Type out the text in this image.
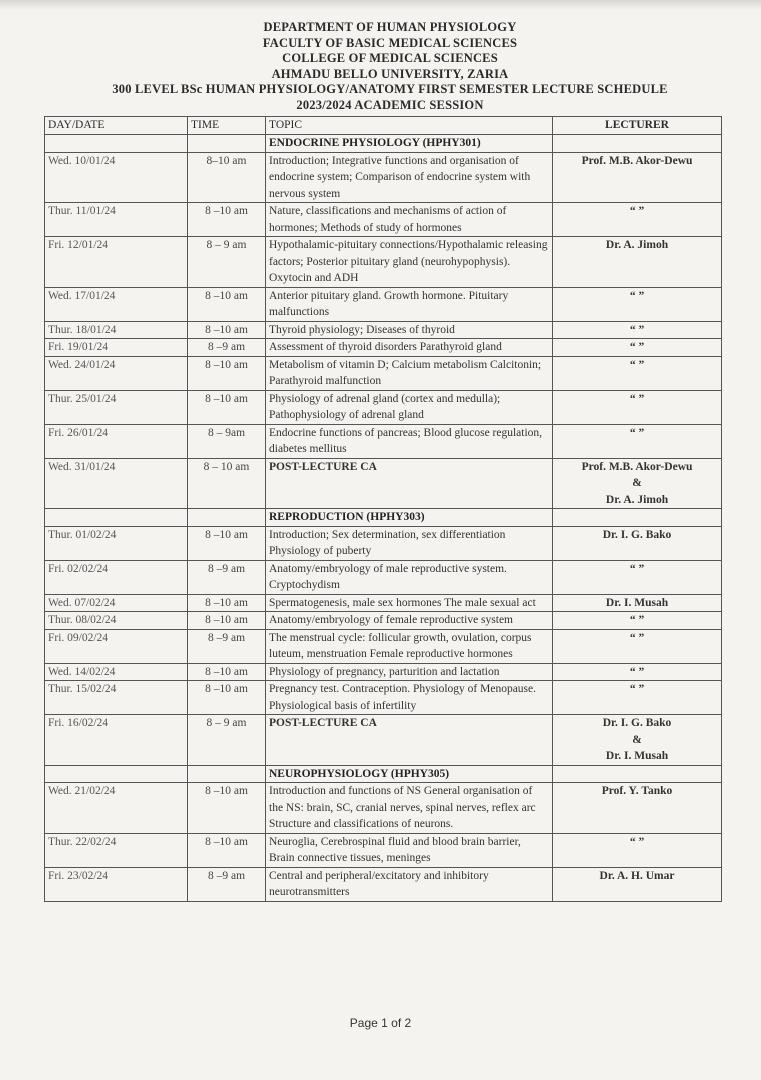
DEPARTMENT OF HUMAN PHYSIOLOGY
FACULTY OF BASIC MEDICAL SCIENCES
COLLEGE OF MEDICAL SCIENCES
AHMADU BELLO UNIVERSITY, ZARIA
300 LEVEL BSc HUMAN PHYSIOLOGY/ANATOMY FIRST SEMESTER LECTURE SCHEDULE
2023/2024 ACADEMIC SESSION
DAY/DATE	TIME	TOPIC	LECTURER
		ENDOCRINE PHYSIOLOGY (HPHY301)	
Wed. 10/01/24	8–10 am	Introduction; Integrative functions and organisation of endocrine system; Comparison of endocrine system with nervous system	Prof. M.B. Akor-Dewu
Thur. 11/01/24	8 –10 am	Nature, classifications and mechanisms of action of hormones; Methods of study of hormones	“ ”
Fri. 12/01/24	8 – 9 am	Hypothalamic-pituitary connections/Hypothalamic releasing factors; Posterior pituitary gland (neurohypophysis). Oxytocin and ADH	Dr. A. Jimoh
Wed. 17/01/24	8 –10 am	Anterior pituitary gland. Growth hormone. Pituitary malfunctions	“ ”
Thur. 18/01/24	8 –10 am	Thyroid physiology; Diseases of thyroid	“ ”
Fri. 19/01/24	8 –9 am	Assessment of thyroid disorders Parathyroid gland	“ ”
Wed. 24/01/24	8 –10 am	Metabolism of vitamin D; Calcium metabolism Calcitonin; Parathyroid malfunction	“ ”
Thur. 25/01/24	8 –10 am	Physiology of adrenal gland (cortex and medulla); Pathophysiology of adrenal gland	“ ”
Fri. 26/01/24	8 – 9am	Endocrine functions of pancreas; Blood glucose regulation, diabetes mellitus	“ ”
Wed. 31/01/24	8 – 10 am	POST-LECTURE CA	Prof. M.B. Akor-Dewu
&
Dr. A. Jimoh
		REPRODUCTION (HPHY303)	
Thur. 01/02/24	8 –10 am	Introduction; Sex determination, sex differentiation Physiology of puberty	Dr. I. G. Bako
Fri. 02/02/24	8 –9 am	Anatomy/embryology of male reproductive system. Cryptochydism	“ ”
Wed. 07/02/24	8 –10 am	Spermatogenesis, male sex hormones The male sexual act	Dr. I. Musah
Thur. 08/02/24	8 –10 am	Anatomy/embryology of female reproductive system	“ ”
Fri. 09/02/24	8 –9 am	The menstrual cycle: follicular growth, ovulation, corpus luteum, menstruation Female reproductive hormones	“ ”
Wed. 14/02/24	8 –10 am	Physiology of pregnancy, parturition and lactation	“ ”
Thur. 15/02/24	8 –10 am	Pregnancy test. Contraception. Physiology of Menopause. Physiological basis of infertility	“ ”
Fri. 16/02/24	8 – 9 am	POST-LECTURE CA	Dr. I. G. Bako
&
Dr. I. Musah
		NEUROPHYSIOLOGY (HPHY305)	
Wed. 21/02/24	8 –10 am	Introduction and functions of NS General organisation of the NS: brain, SC, cranial nerves, spinal nerves, reflex arc Structure and classifications of neurons.	Prof. Y. Tanko
Thur. 22/02/24	8 –10 am	Neuroglia, Cerebrospinal fluid and blood brain barrier, Brain connective tissues, meninges	“ ”
Fri. 23/02/24	8 –9 am	Central and peripheral/excitatory and inhibitory neurotransmitters	Dr. A. H. Umar
Page 1 of 2
